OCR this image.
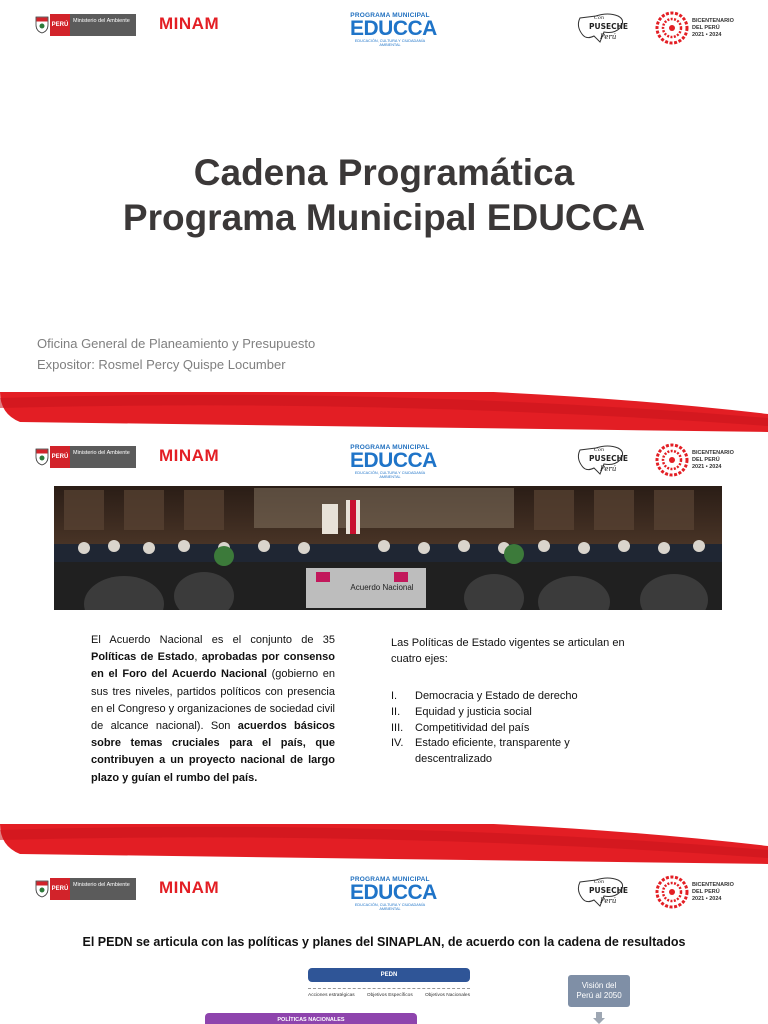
PERÚ
Ministerio del Ambiente	MINAM	PROGRAMA MUNICIPAL
EDUCCA
EDUCACIÓN, CULTURA Y CIUDADANÍA AMBIENTAL
Con
PUSECHE
Perú
BICENTENARIO
DEL PERÚ
2021 • 2024
Cadena Programática
Programa Municipal EDUCCA
Oficina General de Planeamiento y Presupuesto
Expositor: Rosmel Percy Quispe Locumber
PERÚ
Ministerio del Ambiente	MINAM	PROGRAMA MUNICIPAL
EDUCCA
EDUCACIÓN, CULTURA Y CIUDADANÍA AMBIENTAL
Con
PUSECHE
Perú
BICENTENARIO
DEL PERÚ
2021 • 2024
Acuerdo Nacional

El Acuerdo Nacional es el conjunto de 35 Políticas de Estado, aprobadas por consenso en el Foro del Acuerdo Nacional (gobierno en sus tres niveles, partidos políticos con presencia en el Congreso y organizaciones de sociedad civil de alcance nacional). Son acuerdos básicos sobre temas cruciales para el país, que contribuyen a un proyecto nacional de largo plazo y guían el rumbo del país.

Las Políticas de Estado vigentes se articulan en cuatro ejes:
I.	Democracia y Estado de derecho
II.	Equidad y justicia social
III.	Competitividad del país
IV.	Estado eficiente, transparente y descentralizado
PERÚ
Ministerio del Ambiente	MINAM	PROGRAMA MUNICIPAL
EDUCCA
EDUCACIÓN, CULTURA Y CIUDADANÍA AMBIENTAL
Con
PUSECHE
Perú
BICENTENARIO
DEL PERÚ
2021 • 2024
El PEDN se articula con las políticas y planes del SINAPLAN, de acuerdo con la cadena de resultados
PEDN
Acciones estratégicas	Objetivos Específicos	Objetivos Nacionales
Visión del
Perú al 2050
POLÍTICAS NACIONALES
